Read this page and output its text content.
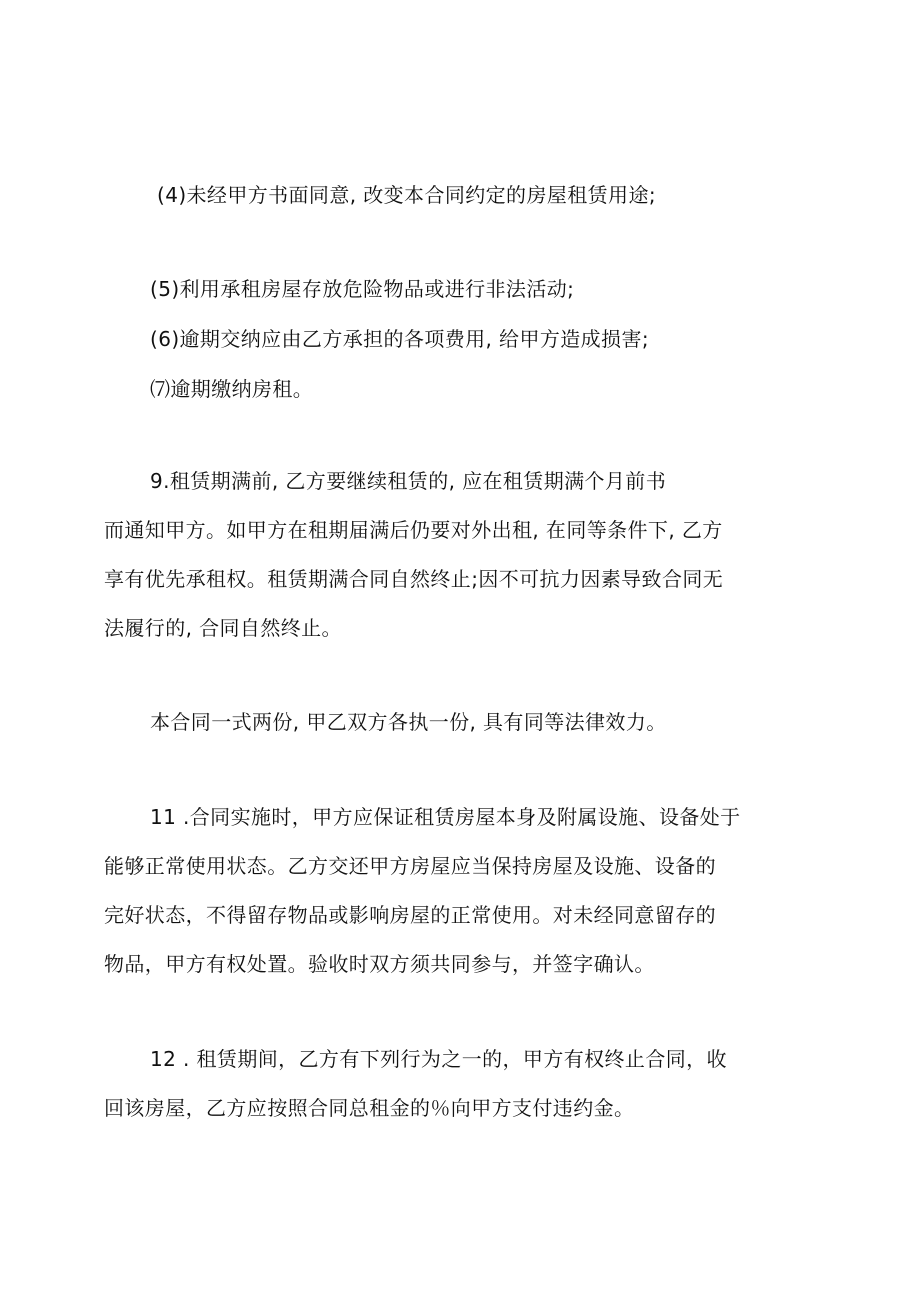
(4)未经甲方书面同意, 改变本合同约定的房屋租赁用途;
(5)利用承租房屋存放危险物品或进行非法活动;
(6)逾期交纳应由乙方承担的各项费用, 给甲方造成损害;
⑺逾期缴纳房租。
9.租赁期满前, 乙方要继续租赁的, 应在租赁期满个月前书
而通知甲方。如甲方在租期届满后仍要对外出租, 在同等条件下, 乙方
享有优先承租权。租赁期满合同自然终止;因不可抗力因素导致合同无
法履行的, 合同自然终止。
本合同一式两份, 甲乙双方各执一份, 具有同等法律效力。
11 .合同实施时，甲方应保证租赁房屋本身及附属设施、设备处于
能够正常使用状态。乙方交还甲方房屋应当保持房屋及设施、设备的
完好状态，不得留存物品或影响房屋的正常使用。对未经同意留存的
物品，甲方有权处置。验收时双方须共同参与，并签字确认。
12 . 租赁期间，乙方有下列行为之一的，甲方有权终止合同，收
回该房屋，乙方应按照合同总租金的％向甲方支付违约金。
